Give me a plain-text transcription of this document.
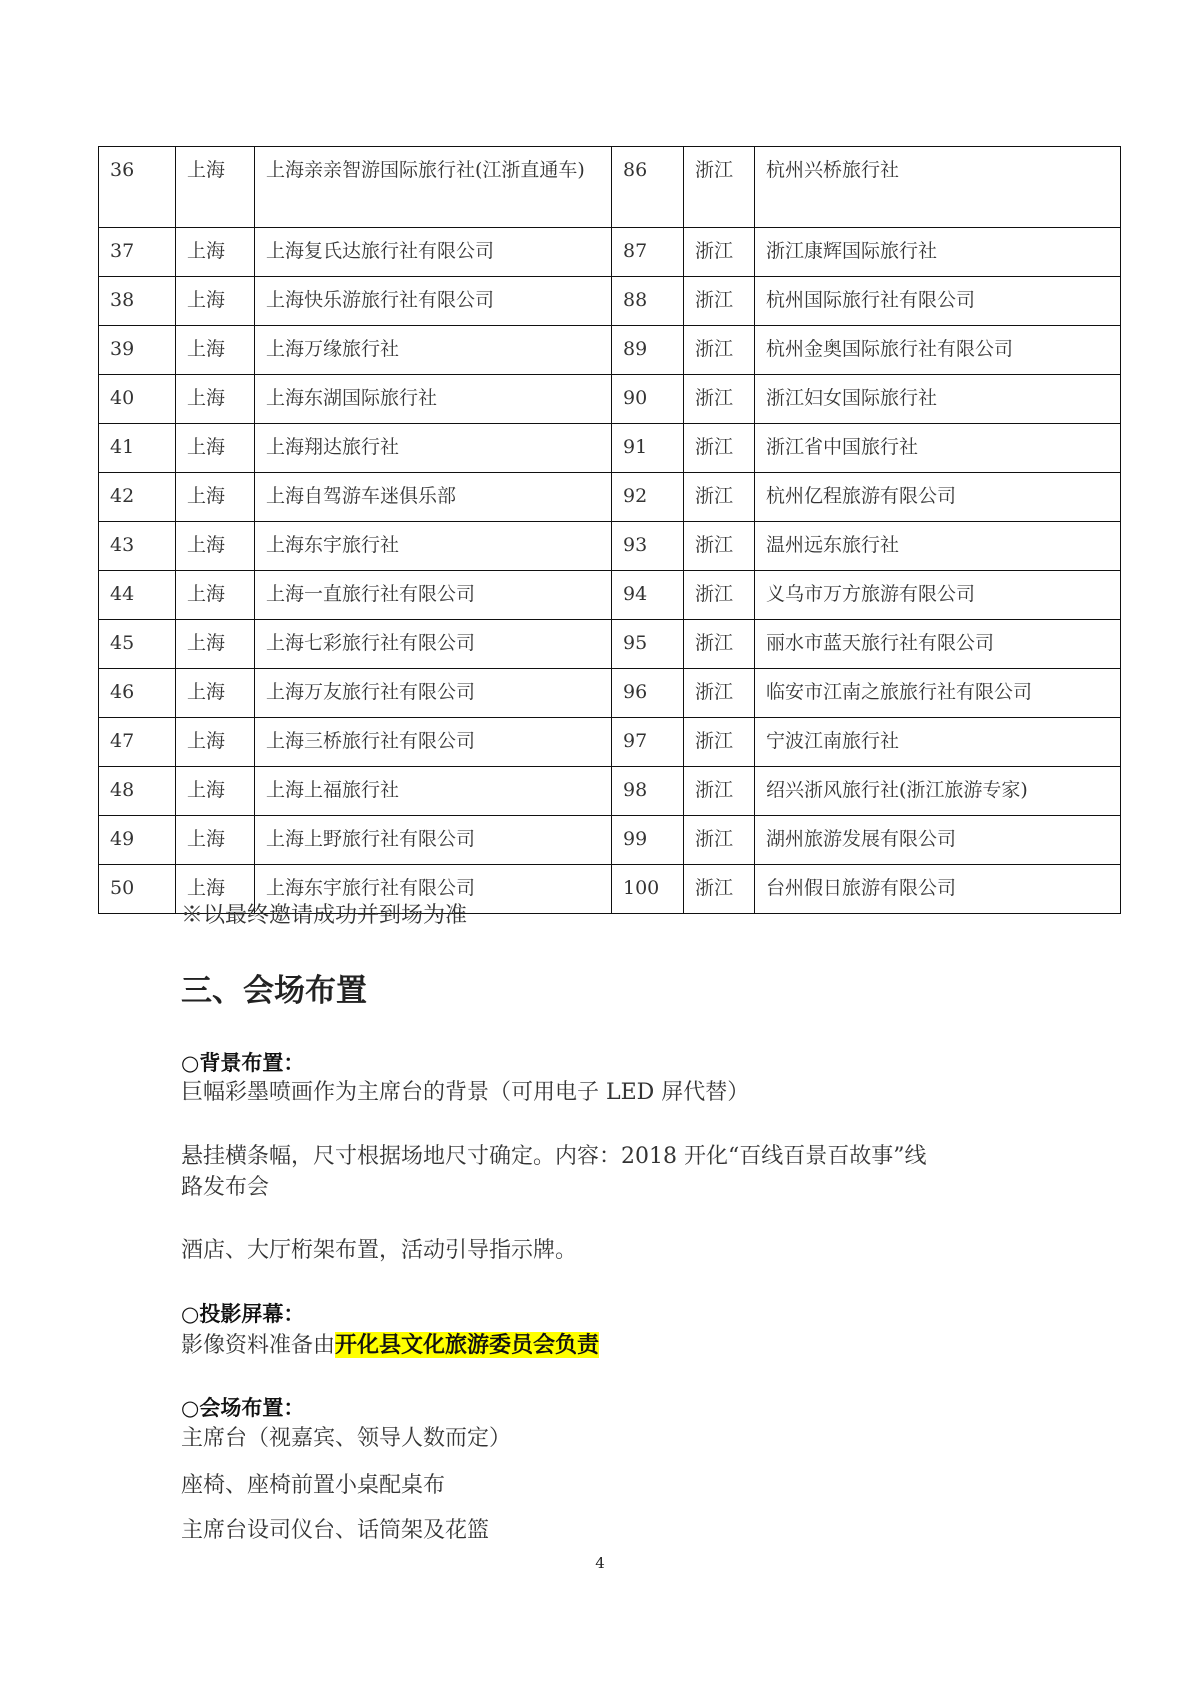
36	上海	上海亲亲智游国际旅行社(江浙直通车)	86	浙江	杭州兴桥旅行社
37	上海	上海复氏达旅行社有限公司	87	浙江	浙江康辉国际旅行社
38	上海	上海快乐游旅行社有限公司	88	浙江	杭州国际旅行社有限公司
39	上海	上海万缘旅行社	89	浙江	杭州金奥国际旅行社有限公司
40	上海	上海东湖国际旅行社	90	浙江	浙江妇女国际旅行社
41	上海	上海翔达旅行社	91	浙江	浙江省中国旅行社
42	上海	上海自驾游车迷俱乐部	92	浙江	杭州亿程旅游有限公司
43	上海	上海东宇旅行社	93	浙江	温州远东旅行社
44	上海	上海一直旅行社有限公司	94	浙江	义乌市万方旅游有限公司
45	上海	上海七彩旅行社有限公司	95	浙江	丽水市蓝天旅行社有限公司
46	上海	上海万友旅行社有限公司	96	浙江	临安市江南之旅旅行社有限公司
47	上海	上海三桥旅行社有限公司	97	浙江	宁波江南旅行社
48	上海	上海上福旅行社	98	浙江	绍兴浙风旅行社(浙江旅游专家)
49	上海	上海上野旅行社有限公司	99	浙江	湖州旅游发展有限公司
50	上海	上海东宇旅行社有限公司	100	浙江	台州假日旅游有限公司

※以最终邀请成功并到场为准

三、会场布置

○背景布置：

巨幅彩墨喷画作为主席台的背景（可用电子 LED 屏代替）

悬挂横条幅，尺寸根据场地尺寸确定。内容：2018 开化“百线百景百故事”线

路发布会

酒店、大厅桁架布置，活动引导指示牌。

○投影屏幕：

影像资料准备由开化县文化旅游委员会负责

○会场布置：

主席台（视嘉宾、领导人数而定）

座椅、座椅前置小桌配桌布

主席台设司仪台、话筒架及花篮

4
